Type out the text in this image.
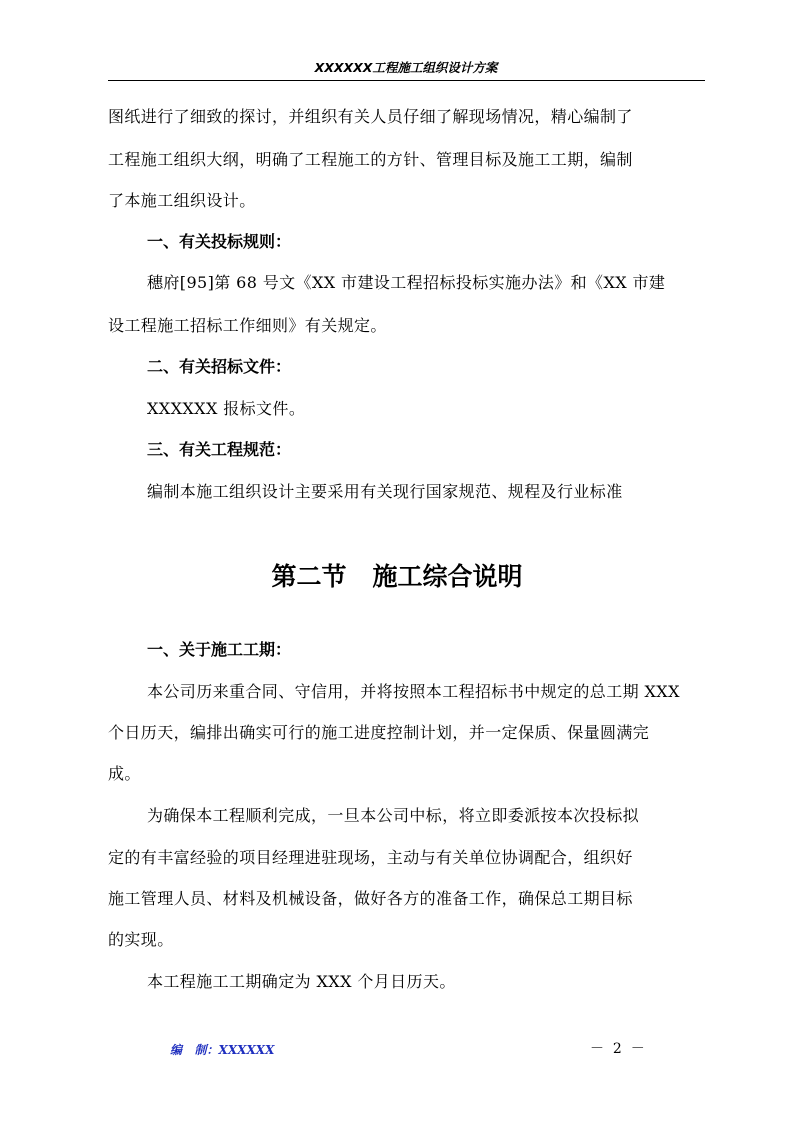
XXXXXX工程施工组织设计方案
图纸进行了细致的探讨，并组织有关人员仔细了解现场情况，精心编制了
工程施工组织大纲，明确了工程施工的方针、管理目标及施工工期，编制
了本施工组织设计。
一、有关投标规则：
穗府[95]第 68 号文《XX 市建设工程招标投标实施办法》和《XX 市建
设工程施工招标工作细则》有关规定。
二、有关招标文件：
XXXXXX 报标文件。
三、有关工程规范：
编制本施工组织设计主要采用有关现行国家规范、规程及行业标准
第二节   施工综合说明
一、关于施工工期：
本公司历来重合同、守信用，并将按照本工程招标书中规定的总工期 XXX
个日历天，编排出确实可行的施工进度控制计划，并一定保质、保量圆满完
成。
为确保本工程顺利完成，一旦本公司中标，将立即委派按本次投标拟
定的有丰富经验的项目经理进驻现场，主动与有关单位协调配合，组织好
施工管理人员、材料及机械设备，做好各方的准备工作，确保总工期目标
的实现。
本工程施工工期确定为 XXX 个月日历天。
编   制：XXXXXX	－  2  －
